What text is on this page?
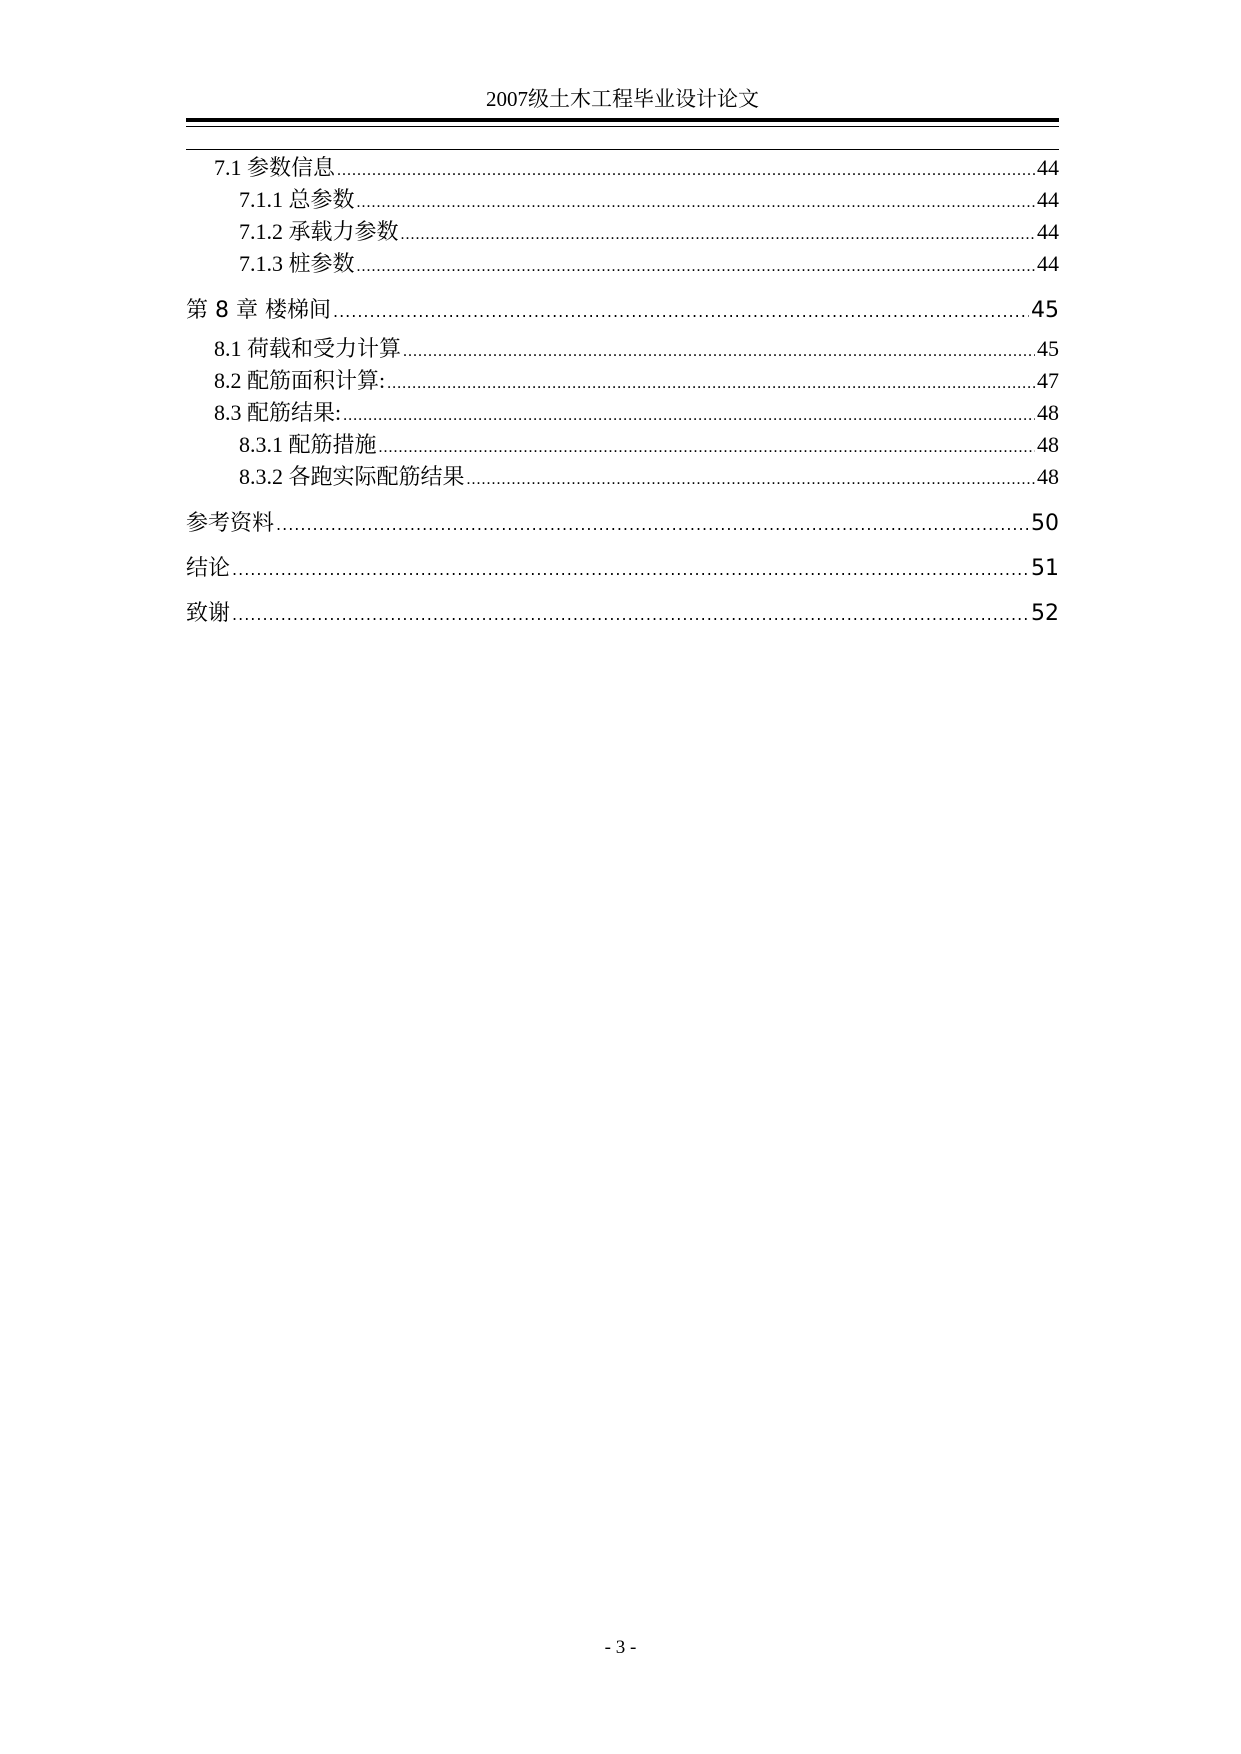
2007级土木工程毕业设计论文
7.1 参数信息 .....	44
7.1.1 总参数 .....	44
7.1.2 承载力参数 .....	44
7.1.3 桩参数 .....	44
第 8 章 楼梯间 .....	45
8.1 荷载和受力计算 .....	45
8.2 配筋面积计算: .....	47
8.3 配筋结果: .....	48
8.3.1 配筋措施 .....	48
8.3.2 各跑实际配筋结果 .....	48
参考资料 .....	50
结论 .....	51
致谢 .....	52
- 3 -
